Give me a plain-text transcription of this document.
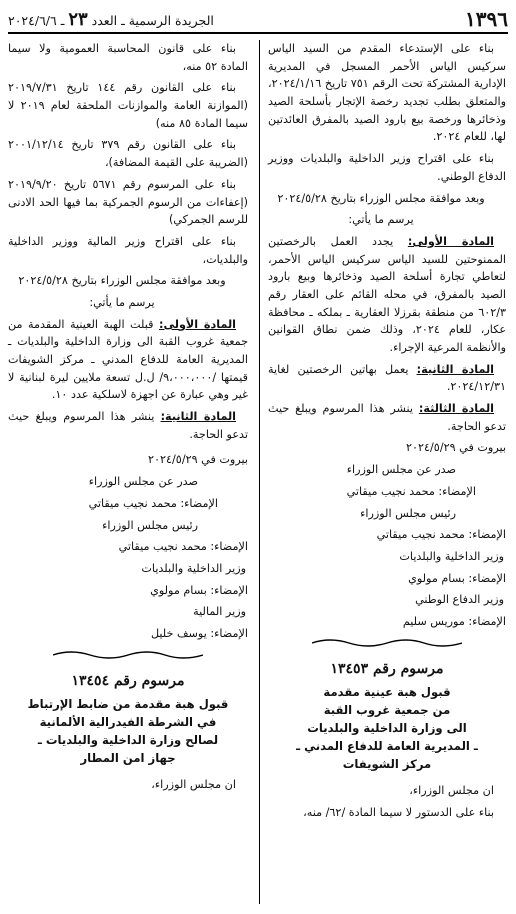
١٣٩٦
الجريدة الرسمية ـ العدد ٢٣ ـ ٢٠٢٤/٦/٦

بناء على الإستدعاء المقدم من السيد الياس سركيس الياس الأحمر المسجل في المديرية الإدارية المشتركة تحت الرقم ٧٥١ تاريخ ٢٠٢٤/١/١٦، والمتعلق بطلب تجديد رخصة الإتجار بأسلحة الصيد وذخائرها ورخصة بيع بارود الصيد بالمفرق العائدتين لها، للعام ٢٠٢٤.

بناء على اقتراح وزير الداخلية والبلديات ووزير الدفاع الوطني.

وبعد موافقة مجلس الوزراء بتاريخ ٢٠٢٤/٥/٢٨

يرسم ما يأتي:

المادة الأولى: يجدد العمل بالرخصتين الممنوحتين للسيد الياس سركيس الياس الأحمر، لتعاطي تجارة أسلحة الصيد وذخائرها وبيع بارود الصيد بالمفرق، في محله القائم على العقار رقم ٦٠٢/٣ من منطقة بقرزلا العقارية ـ بملكه ـ محافظة عكار، للعام ٢٠٢٤، وذلك ضمن نطاق القوانين والأنظمة المرعية الإجراء.

المادة الثانية: يعمل بهاتين الرخصتين لغاية ٢٠٢٤/١٢/٣١.

المادة الثالثة: ينشر هذا المرسوم ويبلغ حيث تدعو الحاجة.

بيروت في ٢٠٢٤/٥/٢٩

صدر عن مجلس الوزراء

الإمضاء: محمد نجيب ميقاتي

رئيس مجلس الوزراء

الإمضاء: محمد نجيب ميقاتي

وزير الداخلية والبلديات

الإمضاء: بسام مولوي

وزير الدفاع الوطني

الإمضاء: موريس سليم

مرسوم رقم ١٣٤٥٣
قبول هبة عينية مقدمة
من جمعية غروب القبة
الى وزارة الداخلية والبلديات
ـ المديرية العامة للدفاع المدني ـ
مركز الشويفات

ان مجلس الوزراء،

بناء على الدستور لا سيما المادة /٦٢/ منه،

بناء على قانون المحاسبة العمومية ولا سيما المادة ٥٢ منه،

بناء على القانون رقم ١٤٤ تاريخ ٢٠١٩/٧/٣١ (الموازنة العامة والموازنات الملحقة لعام ٢٠١٩ لا سيما المادة ٨٥ منه)

بناء على القانون رقم ٣٧٩ تاريخ ٢٠٠١/١٢/١٤ (الضريبة على القيمة المضافة)،

بناء على المرسوم رقم ٥٦٧١ تاريخ ٢٠١٩/٩/٢٠ (إعفاءات من الرسوم الجمركية بما فيها الحد الادنى للرسم الجمركي)

بناء على اقتراح وزير المالية ووزير الداخلية والبلديات،

وبعد موافقة مجلس الوزراء بتاريخ ٢٠٢٤/٥/٢٨

يرسم ما يأتي:

المادة الأولى: قبلت الهبة العينية المقدمة من جمعية غروب القبة الى وزارة الداخلية والبلديات ـ المديرية العامة للدفاع المدني ـ مركز الشويفات قيمتها /٩،٠٠٠،٠٠٠/ ل.ل تسعة ملايين ليرة لبنانية لا غير وهي عبارة عن اجهزة لاسلكية عدد ١٠.

المادة الثانية: ينشر هذا المرسوم ويبلغ حيث تدعو الحاجة.

بيروت في ٢٠٢٤/٥/٢٩

صدر عن مجلس الوزراء

الإمضاء: محمد نجيب ميقاتي

رئيس مجلس الوزراء

الإمضاء: محمد نجيب ميقاتي

وزير الداخلية والبلديات

الإمضاء: بسام مولوي

وزير المالية

الإمضاء: يوسف خليل

مرسوم رقم ١٣٤٥٤
قبول هبة مقدمة من ضابط الإرتباط
في الشرطة الفيدرالية الألمانية
لصالح وزارة الداخلية والبلديات ـ
جهاز امن المطار

ان مجلس الوزراء،
